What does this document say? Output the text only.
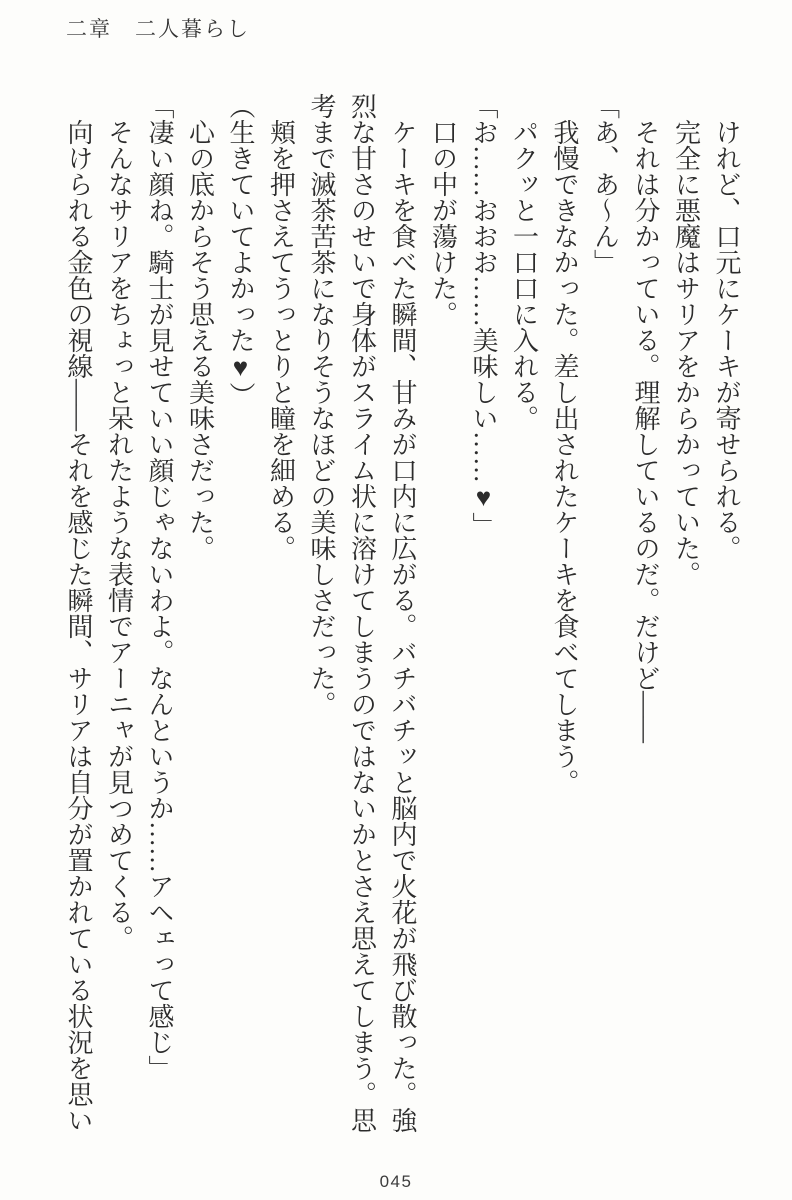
二章　二人暮らし

けれど、口元にケーキが寄せられる。

完全に悪魔はサリアをからかっていた。

それは分かっている。理解しているのだ。だけど――

「あ、あ～ん」

我慢できなかった。差し出されたケーキを食べてしまう。

パクッと一口口に入れる。

「お……おおお……美味しい……♥」

口の中が蕩けた。

ケーキを食べた瞬間、甘みが口内に広がる。バチバチッと脳内で火花が飛び散った。強烈な甘さのせいで身体がスライム状に溶けてしまうのではないかとさえ思えてしまう。思考まで滅茶苦茶になりそうなほどの美味しさだった。

頬を押さえてうっとりと瞳を細める。

（生きていてよかった♥）

心の底からそう思える美味さだった。

「凄い顔ね。騎士が見せていい顔じゃないわよ。なんというか……アヘェって感じ」

そんなサリアをちょっと呆れたような表情でアーニャが見つめてくる。

向けられる金色の視線――それを感じた瞬間、サリアは自分が置かれている状況を思い

045
